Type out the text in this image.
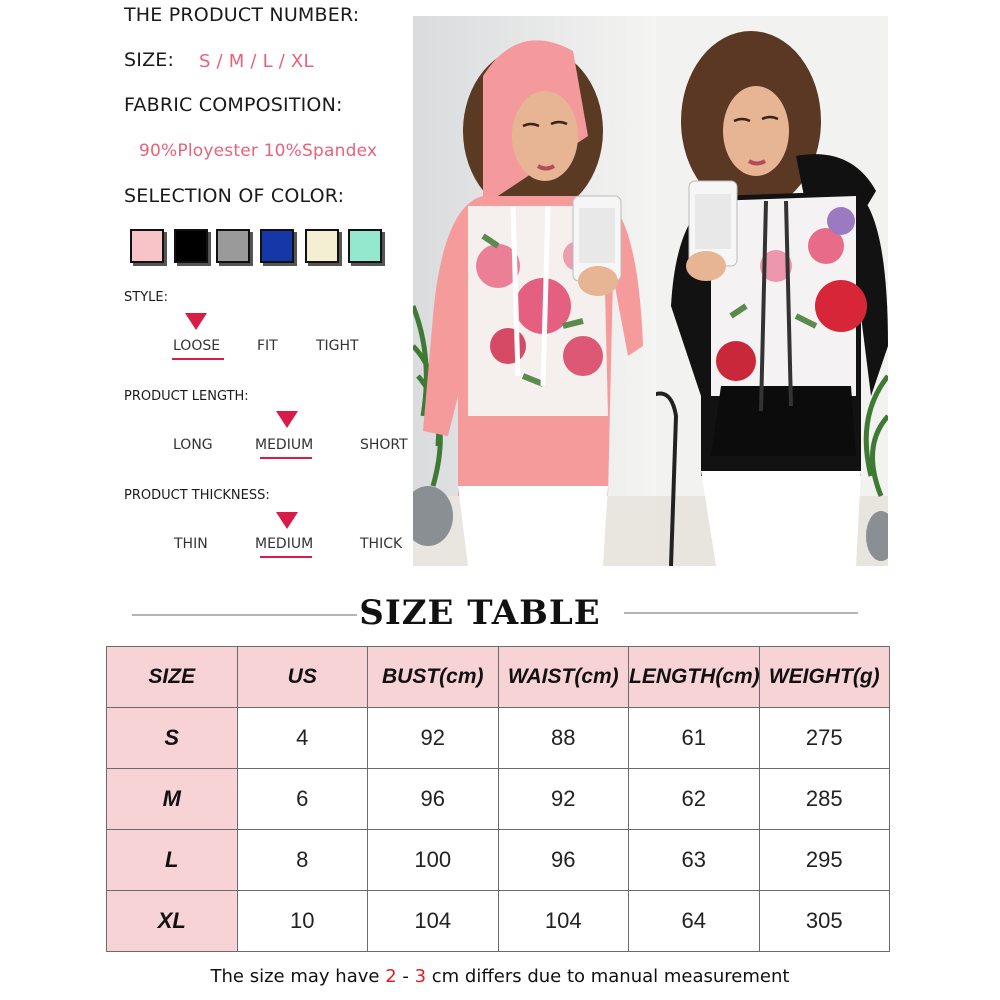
THE PRODUCT NUMBER:
SIZE: S / M / L / XL
FABRIC COMPOSITION:
90%Ployester 10%Spandex
SELECTION OF COLOR:
STYLE:
LOOSE	FIT	TIGHT
PRODUCT LENGTH:
LONG	MEDIUM	SHORT
PRODUCT THICKNESS:
THIN	MEDIUM	THICK
SIZE TABLE
SIZE	US	BUST(cm)	WAIST(cm)	LENGTH(cm)	WEIGHT(g)
S	4	92	88	61	275
M	6	96	92	62	285
L	8	100	96	63	295
XL	10	104	104	64	305
The size may have 2 - 3 cm differs due to manual measurement
